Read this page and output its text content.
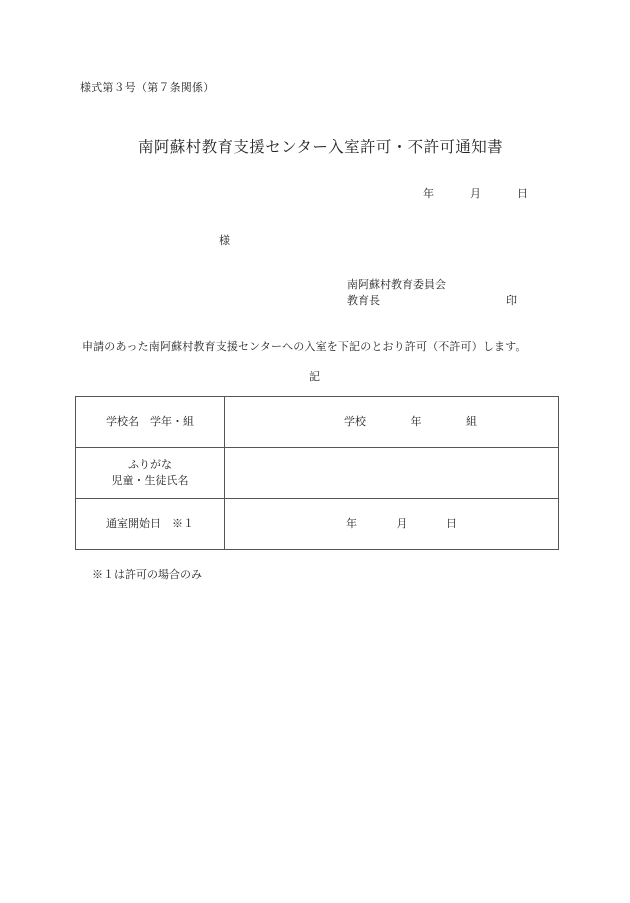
様式第３号（第７条関係）
南阿蘇村教育支援センター入室許可・不許可通知書
年	月	日
様
南阿蘇村教育委員会
教育長	印
申請のあった南阿蘇村教育支援センターへの入室を下記のとおり許可（不許可）します。
記
学校名　学年・組	学校 年 組

ふりがな
児童・生徒氏名	

通室開始日　※１	年 月 日
※１は許可の場合のみ
